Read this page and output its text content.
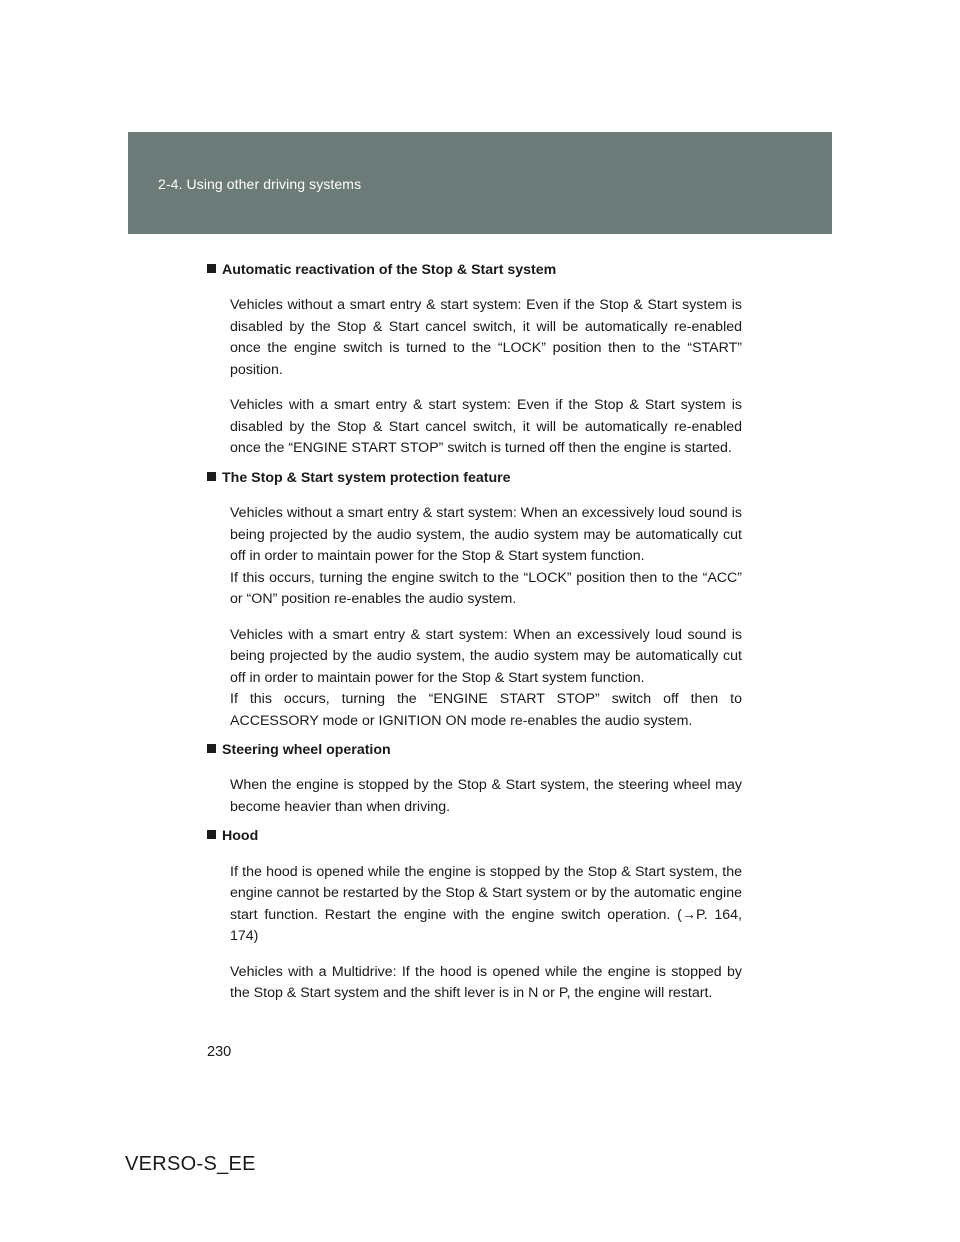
2-4. Using other driving systems
Automatic reactivation of the Stop & Start system

Vehicles without a smart entry & start system: Even if the Stop & Start system is disabled by the Stop & Start cancel switch, it will be automatically re-enabled once the engine switch is turned to the “LOCK” position then to the “START” position.

Vehicles with a smart entry & start system: Even if the Stop & Start system is disabled by the Stop & Start cancel switch, it will be automatically re-enabled once the “ENGINE START STOP” switch is turned off then the engine is started.

The Stop & Start system protection feature

Vehicles without a smart entry & start system: When an excessively loud sound is being projected by the audio system, the audio system may be automatically cut off in order to maintain power for the Stop & Start system function.
If this occurs, turning the engine switch to the “LOCK” position then to the “ACC” or “ON” position re-enables the audio system.

Vehicles with a smart entry & start system: When an excessively loud sound is being projected by the audio system, the audio system may be automatically cut off in order to maintain power for the Stop & Start system function.
If this occurs, turning the “ENGINE START STOP” switch off then to ACCESSORY mode or IGNITION ON mode re-enables the audio system.

Steering wheel operation

When the engine is stopped by the Stop & Start system, the steering wheel may become heavier than when driving.

Hood

If the hood is opened while the engine is stopped by the Stop & Start system, the engine cannot be restarted by the Stop & Start system or by the automatic engine start function. Restart the engine with the engine switch operation. (→P. 164, 174)

Vehicles with a Multidrive: If the hood is opened while the engine is stopped by the Stop & Start system and the shift lever is in N or P, the engine will restart.

230
VERSO-S_EE
